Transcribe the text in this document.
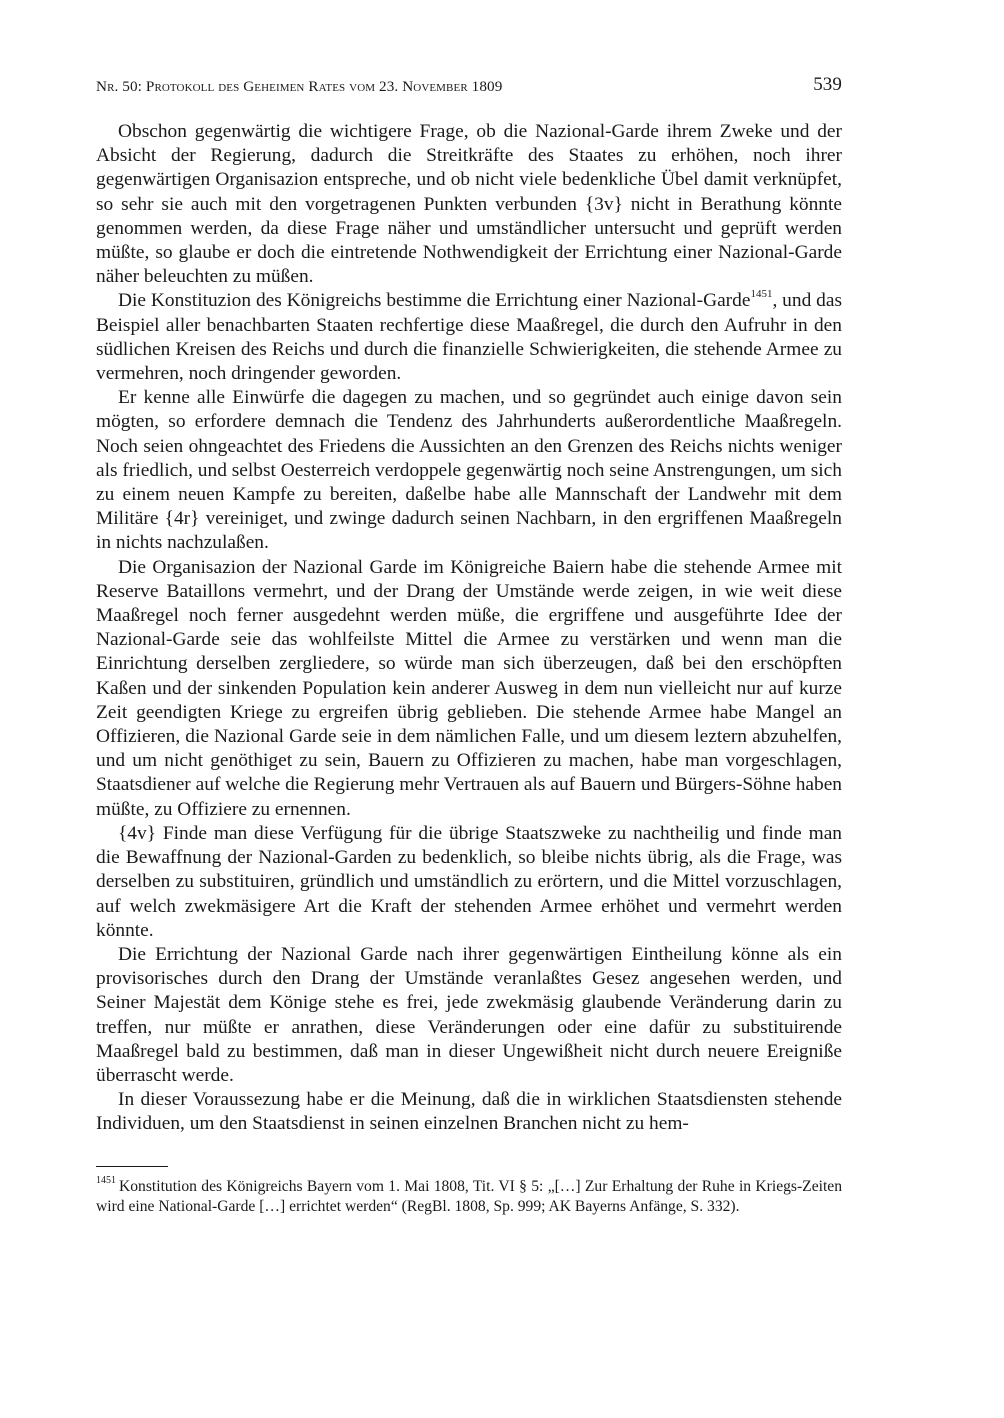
Nr. 50: Protokoll des Geheimen Rates vom 23. November 1809	539

Obschon gegenwärtig die wichtigere Frage, ob die Nazional-Garde ihrem Zweke und der Absicht der Regierung, dadurch die Streitkräfte des Staates zu erhöhen, noch ihrer gegenwärtigen Organisazion entspreche, und ob nicht viele bedenkliche Übel damit verknüpfet, so sehr sie auch mit den vorgetragenen Punkten verbunden {3v} nicht in Berathung könnte genommen werden, da diese Frage näher und umständlicher untersucht und geprüft werden müßte, so glaube er doch die eintretende Nothwendigkeit der Errichtung einer Nazional-Garde näher beleuchten zu müßen.

Die Konstituzion des Königreichs bestimme die Errichtung einer Nazional-Garde$^{1451}$, und das Beispiel aller benachbarten Staaten rechfertige diese Maaßregel, die durch den Aufruhr in den südlichen Kreisen des Reichs und durch die finanzielle Schwierigkeiten, die stehende Armee zu vermehren, noch dringender geworden.

Er kenne alle Einwürfe die dagegen zu machen, und so gegründet auch einige davon sein mögten, so erfordere demnach die Tendenz des Jahrhunderts außerordentliche Maaßregeln. Noch seien ohngeachtet des Friedens die Aussichten an den Grenzen des Reichs nichts weniger als friedlich, und selbst Oesterreich verdoppele gegenwärtig noch seine Anstrengungen, um sich zu einem neuen Kampfe zu bereiten, daßelbe habe alle Mannschaft der Landwehr mit dem Militäre {4r} vereiniget, und zwinge dadurch seinen Nachbarn, in den ergriffenen Maaßregeln in nichts nachzulaßen.

Die Organisazion der Nazional Garde im Königreiche Baiern habe die stehende Armee mit Reserve Bataillons vermehrt, und der Drang der Umstände werde zeigen, in wie weit diese Maaßregel noch ferner ausgedehnt werden müße, die ergriffene und ausgeführte Idee der Nazional-Garde seie das wohlfeilste Mittel die Armee zu verstärken und wenn man die Einrichtung derselben zergliedere, so würde man sich überzeugen, daß bei den erschöpften Kaßen und der sinkenden Population kein anderer Ausweg in dem nun vielleicht nur auf kurze Zeit geendigten Kriege zu ergreifen übrig geblieben. Die stehende Armee habe Mangel an Offizieren, die Nazional Garde seie in dem nämlichen Falle, und um diesem leztern abzuhelfen, und um nicht genöthiget zu sein, Bauern zu Offizieren zu machen, habe man vorgeschlagen, Staatsdiener auf welche die Regierung mehr Vertrauen als auf Bauern und Bürgers-Söhne haben müßte, zu Offiziere zu ernennen.

{4v} Finde man diese Verfügung für die übrige Staatszweke zu nachtheilig und finde man die Bewaffnung der Nazional-Garden zu bedenklich, so bleibe nichts übrig, als die Frage, was derselben zu substituiren, gründlich und umständlich zu erörtern, und die Mittel vorzuschlagen, auf welch zwekmäsigere Art die Kraft der stehenden Armee erhöhet und vermehrt werden könnte.

Die Errichtung der Nazional Garde nach ihrer gegenwärtigen Eintheilung könne als ein provisorisches durch den Drang der Umstände veranlaßtes Gesez angesehen werden, und Seiner Majestät dem Könige stehe es frei, jede zwekmäsig glaubende Veränderung darin zu treffen, nur müßte er anrathen, diese Veränderungen oder eine dafür zu substituirende Maaßregel bald zu bestimmen, daß man in dieser Ungewißheit nicht durch neuere Ereigniße überrascht werde.

In dieser Voraussezung habe er die Meinung, daß die in wirklichen Staatsdiensten stehende Individuen, um den Staatsdienst in seinen einzelnen Branchen nicht zu hem-

$^{1451}$ Konstitution des Königreichs Bayern vom 1. Mai 1808, Tit. VI § 5: „[…] Zur Erhaltung der Ruhe in Kriegs-Zeiten wird eine National-Garde […] errichtet werden“ (RegBl. 1808, Sp. 999; AK Bayerns Anfänge, S. 332).
